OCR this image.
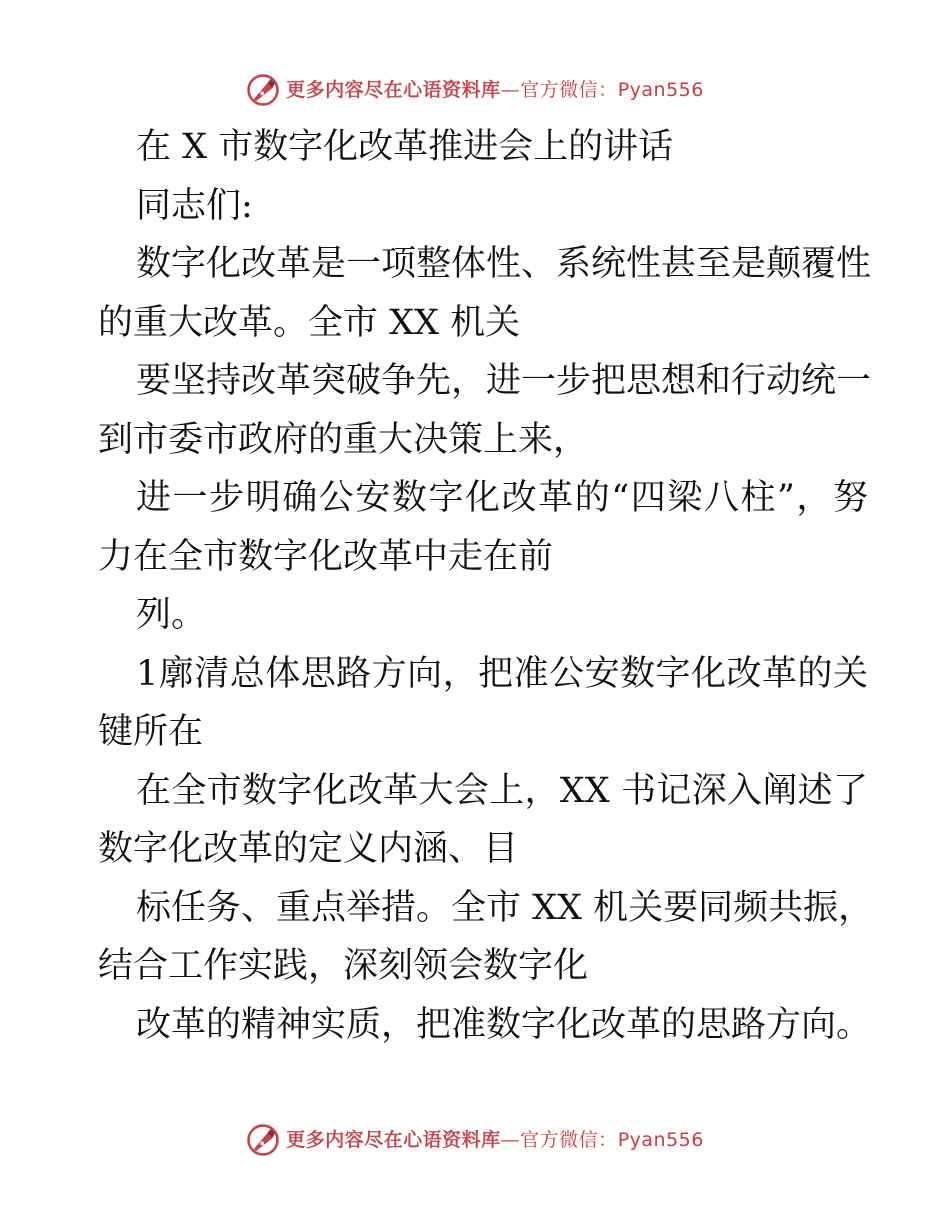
更多内容尽在心语资料库—官方微信：Pyan556
在 X 市数字化改革推进会上的讲话
同志们:
数字化改革是一项整体性、系统性甚至是颠覆性
的重大改革。全市 XX 机关
要坚持改革突破争先，进一步把思想和行动统一
到市委市政府的重大决策上来，
进一步明确公安数字化改革的“四梁八柱”，努
力在全市数字化改革中走在前
列。
1廓清总体思路方向，把准公安数字化改革的关
键所在
在全市数字化改革大会上，XX 书记深入阐述了
数字化改革的定义内涵、目
标任务、重点举措。全市 XX 机关要同频共振，
结合工作实践，深刻领会数字化
改革的精神实质，把准数字化改革的思路方向。
更多内容尽在心语资料库—官方微信：Pyan556
